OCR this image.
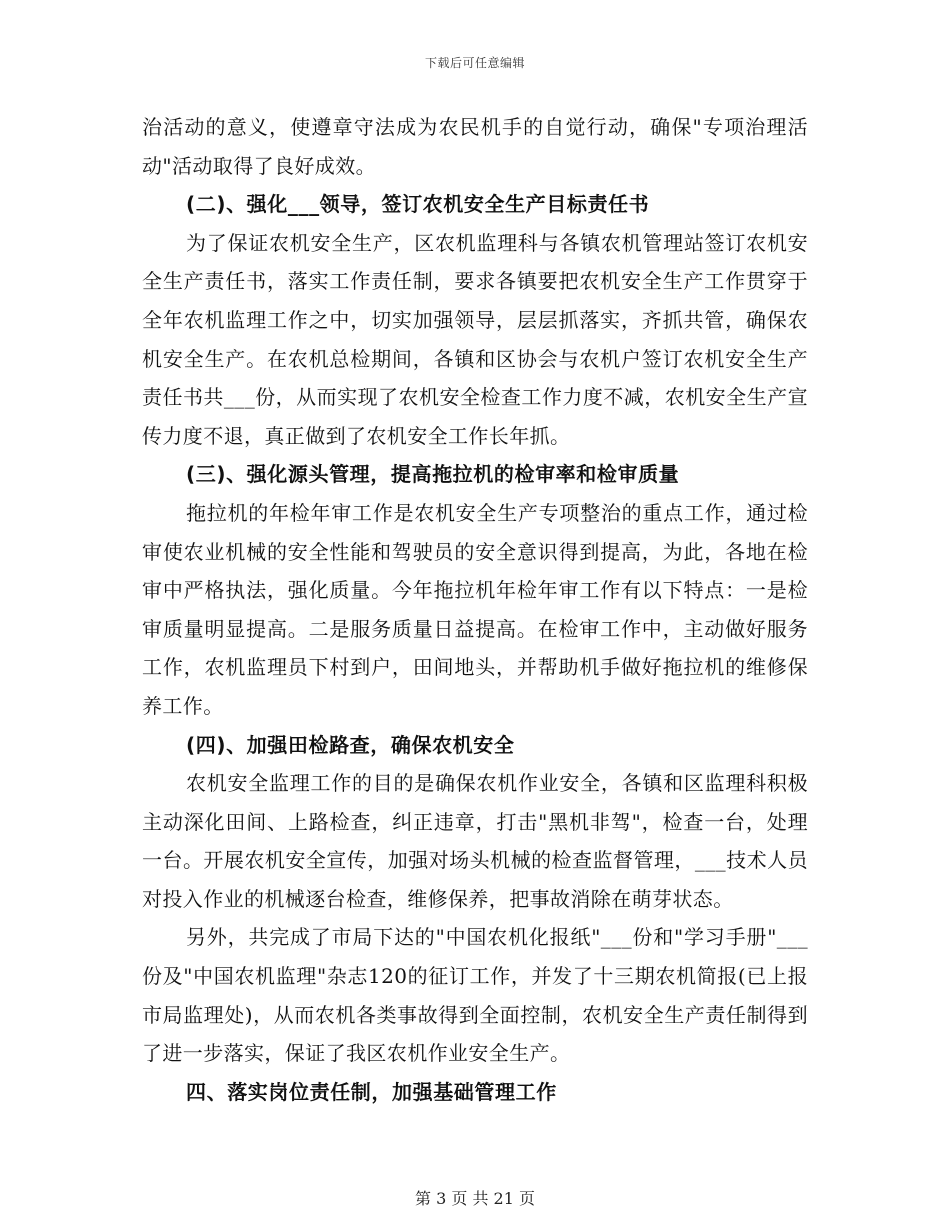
下载后可任意编辑

治活动的意义，使遵章守法成为农民机手的自觉行动，确保"专项治理活动"活动取得了良好成效。

(二)、强化___领导，签订农机安全生产目标责任书

为了保证农机安全生产，区农机监理科与各镇农机管理站签订农机安全生产责任书，落实工作责任制，要求各镇要把农机安全生产工作贯穿于全年农机监理工作之中，切实加强领导，层层抓落实，齐抓共管，确保农机安全生产。在农机总检期间，各镇和区协会与农机户签订农机安全生产责任书共___份，从而实现了农机安全检查工作力度不减，农机安全生产宣传力度不退，真正做到了农机安全工作长年抓。

(三)、强化源头管理，提高拖拉机的检审率和检审质量

拖拉机的年检年审工作是农机安全生产专项整治的重点工作，通过检审使农业机械的安全性能和驾驶员的安全意识得到提高，为此，各地在检审中严格执法，强化质量。今年拖拉机年检年审工作有以下特点：一是检审质量明显提高。二是服务质量日益提高。在检审工作中，主动做好服务工作，农机监理员下村到户，田间地头，并帮助机手做好拖拉机的维修保养工作。

(四)、加强田检路查，确保农机安全

农机安全监理工作的目的是确保农机作业安全，各镇和区监理科积极主动深化田间、上路检查，纠正违章，打击"黑机非驾"，检查一台，处理一台。开展农机安全宣传，加强对场头机械的检查监督管理，___技术人员对投入作业的机械逐台检查，维修保养，把事故消除在萌芽状态。

另外，共完成了市局下达的"中国农机化报纸"___份和"学习手册"___份及"中国农机监理"杂志120的征订工作，并发了十三期农机简报(已上报市局监理处)，从而农机各类事故得到全面控制，农机安全生产责任制得到了进一步落实，保证了我区农机作业安全生产。

四、落实岗位责任制，加强基础管理工作

第 3 页 共 21 页
